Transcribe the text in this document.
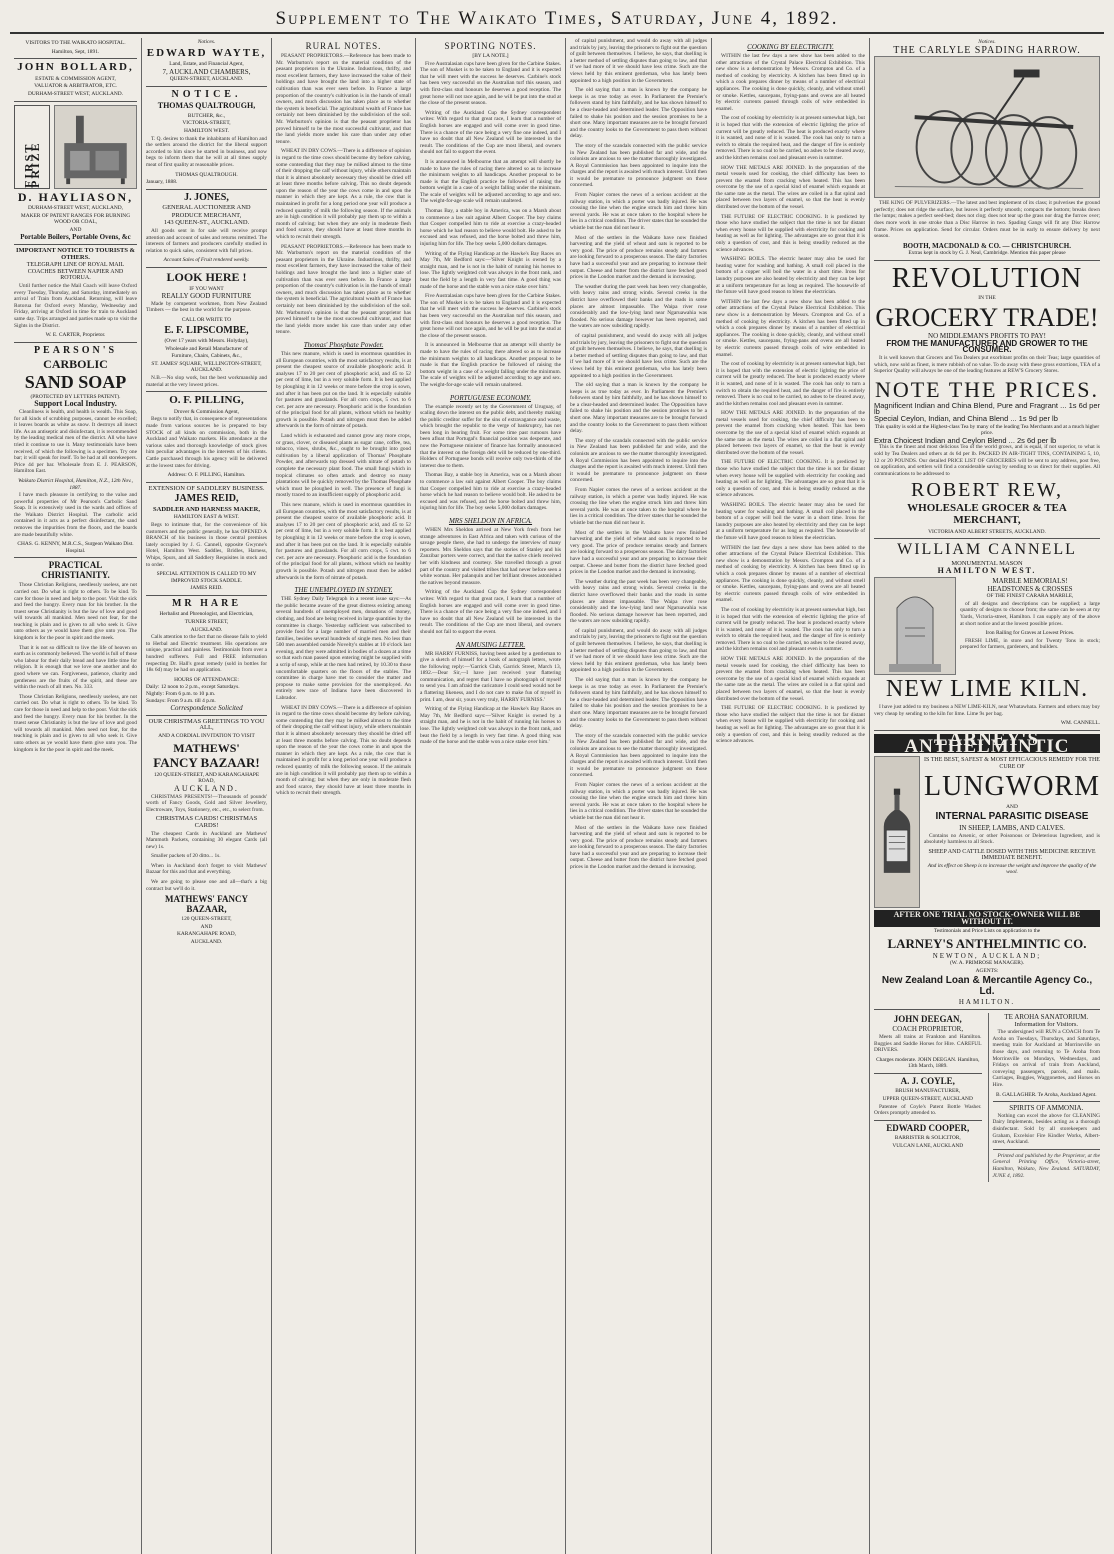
Supplement to The Waikato Times, Saturday, June 4, 1892.
VISITORS TO THE WAIKATO HOSPITAL.
Hamilton, Sept, 1891.
JOHN BOLLARD,
ESTATE & COMMISSION AGENT,
VALUATOR & ARBITRATOR, ETC.
DURHAM-STREET WEST, AUCKLAND.
FIRST PRIZE
D. HAYLIASON,
DURHAM-STREET WEST, AUCKLAND,
MAKER OF PATENT RANGES FOR BURNING WOOD OR COAL,
AND
Portable Boilers, Portable Ovens, &c
IMPORTANT NOTICE TO TOURISTS & OTHERS.
TELEGRAPH LINE OF ROYAL MAIL COACHES BETWEEN NAPIER AND ROTORUA.

Until further notice the Mail Coach will leave Oxford every Tuesday, Thursday, and Saturday, immediately on arrival of Train from Auckland. Returning, will leave Rotorua for Oxford every Monday, Wednesday and Friday, arriving at Oxford in time for train to Auckland same day. Trips arranged and parties made up to visit the Sights in the District.

W. E. CARTER, Proprietor.
PEARSON'S
CARBOLIC
SAND SOAP
(PROTECTED BY LETTERS PATENT).
Support Local Industry.

Cleanliness is health, and health is wealth. This Soap, for all kinds of scrubbing purposes, cannot be excelled; it leaves boards as white as snow. It destroys all insect life. As an antiseptic and disinfectant, it is recommended by the leading medical men of the district. All who have tried it continue to use it. Many testimonials have been received, of which the following is a specimen. Try one bar; it will speak for itself. To be had at all storekeepers. Price 4d per bar. Wholesale from E. J. PEARSON, Hamilton East.

Waikato District Hospital, Hamilton, N.Z., 12th Nov., 1887.

I have much pleasure in certifying to the value and powerful properties of Mr Pearson's Carbolic Sand Soap. It is extensively used in the wards and offices of the Waikato District Hospital. The carbolic acid contained in it acts as a perfect disinfectant, the sand removes the impurities from the floors, and the boards are made beautifully white.

CHAS. G. KENNY, M.R.C.S., Surgeon Waikato Dist. Hospital.
PRACTICAL CHRISTIANITY.

Those Christian Religions, needlessly useless, are not carried out. Do what is right to others. To be kind. To care for those in need and help to the poor. Visit the sick and feed the hungry. Every man for his brother. In the truest sense Christianity is but the law of love and good will towards all mankind. Men need not fear, for the teaching is plain and is given to all who seek it. Give unto others as ye would have them give unto you. The kingdom is for the poor in spirit and the meek.

That it is not so difficult to live the life of heaven on earth as is commonly believed. The world is full of those who labour for their daily bread and have little time for religion. It is enough that we love one another and do good where we can. Forgiveness, patience, charity and gentleness are the fruits of the spirit, and these are within the reach of all men. No. 333.

Those Christian Religions, needlessly useless, are not carried out. Do what is right to others. To be kind. To care for those in need and help to the poor. Visit the sick and feed the hungry. Every man for his brother. In the truest sense Christianity is but the law of love and good will towards all mankind. Men need not fear, for the teaching is plain and is given to all who seek it. Give unto others as ye would have them give unto you. The kingdom is for the poor in spirit and the meek.

Notices.
EDWARD WAYTE,
Land, Estate, and Financial Agent,
7, AUCKLAND CHAMBERS,
QUEEN-STREET, AUCKLAND.
NOTICE.
THOMAS QUALTROUGH,
BUTCHER, &c.,
VICTORIA-STREET,
HAMILTON WEST.

T. Q. desires to thank the inhabitants of Hamilton and the settlers around the district for the liberal support accorded to him since he started in business, and now begs to inform them that he will at all times supply meat of first quality at reasonable prices.

THOMAS QUALTROUGH.
January, 1888.
J. JONES,
GENERAL AUCTIONEER AND
PRODUCE MERCHANT,
143 QUEEN-ST., AUCKLAND.

All goods sent in for sale will receive prompt attention and account of sales and returns remitted. The interests of farmers and producers carefully studied in relation to quick sales, consistent with full prices.

Account Sales of Fruit rendered weekly.
LOOK HERE !
IF YOU WANT
REALLY GOOD FURNITURE

Made by competent workmen, from New Zealand Timbers — the best in the world for the purpose.

CALL OR WRITE TO
E. F. LIPSCOMBE,
(Over 17 years with Messrs. Holyday),
Wholesale and Retail Manufacturer of
Furniture, Chairs, Cabinets, &c.,
ST. JAMES' SQUARE, WELLINGTON-STREET, AUCKLAND.

N.B.—No slop work, but the best workmanship and material at the very lowest prices.

O. F. PILLING,
Drover & Commission Agent,

Begs to notify that, in consequence of representations made from various sources he is prepared to buy STOCK of all kinds on commission, both in the Auckland and Waikato markets. His attendance at the various sales and thorough knowledge of stock gives him peculiar advantages in the interests of his clients. Cattle purchased through his agency will be delivered at the lowest rates for driving.

Address: O. F. PILLING, Hamilton.
EXTENSION OF SADDLERY BUSINESS.
JAMES REID,
SADDLER AND HARNESS MAKER,
HAMILTON EAST & WEST.

Begs to intimate that, for the convenience of his customers and the public generally, he has OPENED A BRANCH of his business in those central premises lately occupied by J. G. Cannell, opposite Gwynne's Hotel, Hamilton West. Saddles, Bridles, Harness, Whips, Spurs, and all Saddlery Requisites in stock and to order.

SPECIAL ATTENTION IS CALLED TO MY IMPROVED STOCK SADDLE.
JAMES REID.
MR HARE
Herbalist and Phrenologist, and Electrician,
TURNER STREET,
AUCKLAND.

Calls attention to the fact that no disease fails to yield to Herbal and Electric treatment. His operations are unique, practical and painless. Testimonials from over a hundred sufferers. Full and FREE information respecting Dr. Hall's great remedy (sold in bottles for 18s 6d) may be had on application.

HOURS OF ATTENDANCE:
Daily: 12 noon to 2 p.m., except Saturdays.
Nightly: From 6 p.m. to 10 p.m.
Sundays: From 9 a.m. till 4 p.m.
Correspondence Solicited
OUR CHRISTMAS GREETINGS TO YOU ALL,
AND A CORDIAL INVITATION TO VISIT
MATHEWS'
FANCY BAZAAR!
120 QUEEN-STREET, AND KARANGAHAPE ROAD,
AUCKLAND.

CHRISTMAS PRESENTS!—Thousands of pounds' worth of Fancy Goods, Gold and Silver Jewellery, Electroware, Toys, Stationery, etc., etc., to select from.

CHRISTMAS CARDS! CHRISTMAS CARDS!

The cheapest Cards in Auckland are Mathews' Mammoth Packets, containing 30 elegant Cards (all new) 1s.

Smaller packets of 20 ditto... 1s.

When in Auckland don't forget to visit Mathews' Bazaar for this and that and everything.

We are going to please one and all—that's a big contract but we'll do it.

MATHEWS' FANCY BAZAAR,
120 QUEEN-STREET,
AND
KARANGAHAPE ROAD,
AUCKLAND.
RURAL NOTES.

PEASANT PROPRIETORS.—Reference has been made to Mr. Warburton's report on the material condition of the peasant proprietors in the Ukraine. Industrious, thrifty, and most excellent farmers, they have increased the value of their holdings and have brought the land into a higher state of cultivation than was ever seen before. In France a large proportion of the country's cultivation is in the hands of small owners, and much discussion has taken place as to whether the system is beneficial. The agricultural wealth of France has certainly not been diminished by the subdivision of the soil. Mr. Warburton's opinion is that the peasant proprietor has proved himself to be the most successful cultivator, and that the land yields more under his care than under any other tenure.

WHEAT IN DRY COWS.—There is a difference of opinion in regard to the time cows should become dry before calving, some contending that they may be milked almost to the time of their dropping the calf without injury, while others maintain that it is almost absolutely necessary they should be dried off at least three months before calving. This no doubt depends upon the reason of the year the cows come in and upon the manner in which they are kept. As a rule, the cow that is maintained in profit for a long period one year will produce a reduced quantity of milk the following season. If the animals are in high condition it will probably pay them up to within a month of calving; but when they are only in moderate flesh and food scarce, they should have at least three months in which to recruit their strength.

PEASANT PROPRIETORS.—Reference has been made to Mr. Warburton's report on the material condition of the peasant proprietors in the Ukraine. Industrious, thrifty, and most excellent farmers, they have increased the value of their holdings and have brought the land into a higher state of cultivation than was ever seen before. In France a large proportion of the country's cultivation is in the hands of small owners, and much discussion has taken place as to whether the system is beneficial. The agricultural wealth of France has certainly not been diminished by the subdivision of the soil. Mr. Warburton's opinion is that the peasant proprietor has proved himself to be the most successful cultivator, and that the land yields more under his care than under any other tenure.

Thomas' Phosphate Powder.

This new manure, which is used in enormous quantities in all European countries, with the most satisfactory results, is at present the cheapest source of available phosphoric acid. It analyses 17 to 20 per cent of phosphoric acid, and 45 to 52 per cent of lime, but in a very soluble form. It is best applied by ploughing it in 12 weeks or more before the crop is sown, and after it has been put on the land. It is especially suitable for pastures and grasslands. For all corn crops, 5 cwt. to 6 cwt. per acre are necessary. Phosphoric acid is the foundation of the principal food for all plants, without which no healthy growth is possible. Potash and nitrogen must then be added afterwards in the form of nitrate of potash.

Land which is exhausted and cannot grow any more crops, or grass, clover, or diseased plants as sugar cane, coffee, tea, tobacco, vines, shrubs, &c., ought to be brought into good cultivation by a liberal application of Thomas' Phosphate Powder, and afterwards top dressed with nitrate of potash to complete the necessary plant food. The small fungi which in tropical climates so often attack and destroy so many plantations will be quickly removed by the Thomas Phosphate which must be ploughed in well. The presence of fungi is mostly traced to an insufficient supply of phosphoric acid.

This new manure, which is used in enormous quantities in all European countries, with the most satisfactory results, is at present the cheapest source of available phosphoric acid. It analyses 17 to 20 per cent of phosphoric acid, and 45 to 52 per cent of lime, but in a very soluble form. It is best applied by ploughing it in 12 weeks or more before the crop is sown, and after it has been put on the land. It is especially suitable for pastures and grasslands. For all corn crops, 5 cwt. to 6 cwt. per acre are necessary. Phosphoric acid is the foundation of the principal food for all plants, without which no healthy growth is possible. Potash and nitrogen must then be added afterwards in the form of nitrate of potash.

THE UNEMPLOYED IN SYDNEY.

THE Sydney Daily Telegraph in a recent issue says:—As the public became aware of the great distress existing among several hundreds of unemployed men, donations of money, clothing, and food are being received in large quantities by the committee in charge. Yesterday sufficient was subscribed to provide food for a large number of married men and their families, besides several hundreds of single men. No less than 500 men assembled outside Novelty's stables at 10 o'clock last evening, and they were admitted in bodies of a dozen at a time so that each man passed upon entering might be supplied with a scrip of soup, while at the men had retired, by 10.30 to those uncomfortable quarters on the floors of the stables. The committee in charge have met to consider the matter and propose to make some provision for the unemployed. An entirely new race of Indians have been discovered in Labrador.

WHEAT IN DRY COWS.—There is a difference of opinion in regard to the time cows should become dry before calving, some contending that they may be milked almost to the time of their dropping the calf without injury, while others maintain that it is almost absolutely necessary they should be dried off at least three months before calving. This no doubt depends upon the reason of the year the cows come in and upon the manner in which they are kept. As a rule, the cow that is maintained in profit for a long period one year will produce a reduced quantity of milk the following season. If the animals are in high condition it will probably pay them up to within a month of calving; but when they are only in moderate flesh and food scarce, they should have at least three months in which to recruit their strength.

SPORTING NOTES.
[BY LA NOTE.]

Five Australasian cups have been given for the Carbine Stakes. The son of Musket is to be taken to England and it is expected that he will meet with the success he deserves. Carbine's stock has been very successful on the Australian turf this season, and with first-class stud honours he deserves a good reception. The great horse will not race again, and he will be put into the stud at the close of the present season.

Writing of the Auckland Cup the Sydney correspondent writes: With regard to that great race, I learn that a number of English horses are engaged and will come over in good time. There is a chance of the race being a very fine one indeed, and I have no doubt that all New Zealand will be interested in the result. The conditions of the Cup are most liberal, and owners should not fail to support the event.

It is announced in Melbourne that an attempt will shortly be made to have the rules of racing there altered so as to increase the minimum weights to all handicaps. Another proposal to be made is that the English practice be followed of raising the bottom weight in a case of a weight falling under the minimum. The scale of weights will be adjusted according to age and sex. The weight-for-age scale will remain unaltered.

Thomas Bay, a stable boy in America, was on a Marsh about to commence a law suit against Albert Cooper. The boy claims that Cooper compelled him to ride at exercise a crazy-headed horse which he had reason to believe would bolt. He asked to be excused and was refused, and the horse bolted and threw him, injuring him for life. The boy seeks 5,000 dollars damages.

Writing of the Flying Handicap at the Hawke's Bay Races on May 7th, Mr Bedford says:—'Silver Knight is owned by a straight man, and he is not in the habit of running his horses to lose. The lightly weighted colt was always in the front rank, and beat the field by a length in very fast time. A good thing was made of the horse and the stable won a nice stake over him.'

Five Australasian cups have been given for the Carbine Stakes. The son of Musket is to be taken to England and it is expected that he will meet with the success he deserves. Carbine's stock has been very successful on the Australian turf this season, and with first-class stud honours he deserves a good reception. The great horse will not race again, and he will be put into the stud at the close of the present season.

It is announced in Melbourne that an attempt will shortly be made to have the rules of racing there altered so as to increase the minimum weights to all handicaps. Another proposal to be made is that the English practice be followed of raising the bottom weight in a case of a weight falling under the minimum. The scale of weights will be adjusted according to age and sex. The weight-for-age scale will remain unaltered.

PORTUGUESE ECONOMY.

The example recently set by the Government of Uruguay, of scaling down the interest on the public debt, and thereby making the public creditor suffer for the sins of extravagance and waste, which brought the republic to the verge of bankruptcy, has not been long in bearing fruit. For some time past rumours have been afloat that Portugal's financial position was desperate, and now the Portuguese minister of finance has formally announced that the interest on the foreign debt will be reduced by one-third. Holders of Portuguese bonds will receive only two-thirds of the interest due to them.

Thomas Bay, a stable boy in America, was on a Marsh about to commence a law suit against Albert Cooper. The boy claims that Cooper compelled him to ride at exercise a crazy-headed horse which he had reason to believe would bolt. He asked to be excused and was refused, and the horse bolted and threw him, injuring him for life. The boy seeks 5,000 dollars damages.

MRS SHELDON IN AFRICA.

WHEN Mrs Sheldon arrived at New York fresh from her strange adventures in East Africa and taken with curious of the savage people there, she had to undergo the interview of many reporters. Mrs Sheldon says that the stories of Stanley and his Zanzibar porters were correct, and that the native chiefs received her with kindness and courtesy. She travelled through a great part of the country and visited tribes that had never before seen a white woman. Her palanquin and her brilliant dresses astonished the natives beyond measure.

Writing of the Auckland Cup the Sydney correspondent writes: With regard to that great race, I learn that a number of English horses are engaged and will come over in good time. There is a chance of the race being a very fine one indeed, and I have no doubt that all New Zealand will be interested in the result. The conditions of the Cup are most liberal, and owners should not fail to support the event.

AN AMUSING LETTER.

MR HARRY FURNISS, having been asked by a gentleman to give a sketch of himself for a book of autograph letters, wrote the following reply:—'Garrick Club, Garrick Street, March 13, 1892.—Dear Sir,—I have just received your flattering communication, and regret that I have no photograph of myself to send you. I am afraid the caricature I could send would not be a flattering likeness, and I do not care to make fun of myself in print. I am, dear sir, yours very truly, HARRY FURNISS.'

Writing of the Flying Handicap at the Hawke's Bay Races on May 7th, Mr Bedford says:—'Silver Knight is owned by a straight man, and he is not in the habit of running his horses to lose. The lightly weighted colt was always in the front rank, and beat the field by a length in very fast time. A good thing was made of the horse and the stable won a nice stake over him.'

of capital punishment, and would do away with all judges and trials by jury, leaving the prisoners to fight out the question of guilt between themselves. I believe, he says, that duelling is a better method of settling disputes than going to law, and that if we had more of it we should have less crime. Such are the views held by this eminent gentleman, who has lately been appointed to a high position in the Government.

The old saying that a man is known by the company he keeps is as true today as ever. In Parliament the Premier's followers stand by him faithfully, and he has shown himself to be a clear-headed and determined leader. The Opposition have failed to shake his position and the session promises to be a short one. Many important measures are to be brought forward and the country looks to the Government to pass them without delay.

The story of the scandals connected with the public service in New Zealand has been published far and wide, and the colonists are anxious to see the matter thoroughly investigated. A Royal Commission has been appointed to inquire into the charges and the report is awaited with much interest. Until then it would be premature to pronounce judgment on those concerned.

From Napier comes the news of a serious accident at the railway station, in which a porter was badly injured. He was crossing the line when the engine struck him and threw him several yards. He was at once taken to the hospital where he lies in a critical condition. The driver states that he sounded the whistle but the man did not hear it.

Most of the settlers in the Waikato have now finished harvesting and the yield of wheat and oats is reported to be very good. The price of produce remains steady and farmers are looking forward to a prosperous season. The dairy factories have had a successful year and are preparing to increase their output. Cheese and butter from the district have fetched good prices in the London market and the demand is increasing.

The weather during the past week has been very changeable, with heavy rains and strong winds. Several creeks in the district have overflowed their banks and the roads in some places are almost impassable. The Waipa river rose considerably and the low-lying land near Ngaruawahia was flooded. No serious damage however has been reported, and the waters are now subsiding rapidly.

of capital punishment, and would do away with all judges and trials by jury, leaving the prisoners to fight out the question of guilt between themselves. I believe, he says, that duelling is a better method of settling disputes than going to law, and that if we had more of it we should have less crime. Such are the views held by this eminent gentleman, who has lately been appointed to a high position in the Government.

The old saying that a man is known by the company he keeps is as true today as ever. In Parliament the Premier's followers stand by him faithfully, and he has shown himself to be a clear-headed and determined leader. The Opposition have failed to shake his position and the session promises to be a short one. Many important measures are to be brought forward and the country looks to the Government to pass them without delay.

The story of the scandals connected with the public service in New Zealand has been published far and wide, and the colonists are anxious to see the matter thoroughly investigated. A Royal Commission has been appointed to inquire into the charges and the report is awaited with much interest. Until then it would be premature to pronounce judgment on those concerned.

From Napier comes the news of a serious accident at the railway station, in which a porter was badly injured. He was crossing the line when the engine struck him and threw him several yards. He was at once taken to the hospital where he lies in a critical condition. The driver states that he sounded the whistle but the man did not hear it.

Most of the settlers in the Waikato have now finished harvesting and the yield of wheat and oats is reported to be very good. The price of produce remains steady and farmers are looking forward to a prosperous season. The dairy factories have had a successful year and are preparing to increase their output. Cheese and butter from the district have fetched good prices in the London market and the demand is increasing.

The weather during the past week has been very changeable, with heavy rains and strong winds. Several creeks in the district have overflowed their banks and the roads in some places are almost impassable. The Waipa river rose considerably and the low-lying land near Ngaruawahia was flooded. No serious damage however has been reported, and the waters are now subsiding rapidly.

of capital punishment, and would do away with all judges and trials by jury, leaving the prisoners to fight out the question of guilt between themselves. I believe, he says, that duelling is a better method of settling disputes than going to law, and that if we had more of it we should have less crime. Such are the views held by this eminent gentleman, who has lately been appointed to a high position in the Government.

The old saying that a man is known by the company he keeps is as true today as ever. In Parliament the Premier's followers stand by him faithfully, and he has shown himself to be a clear-headed and determined leader. The Opposition have failed to shake his position and the session promises to be a short one. Many important measures are to be brought forward and the country looks to the Government to pass them without delay.

The story of the scandals connected with the public service in New Zealand has been published far and wide, and the colonists are anxious to see the matter thoroughly investigated. A Royal Commission has been appointed to inquire into the charges and the report is awaited with much interest. Until then it would be premature to pronounce judgment on those concerned.

From Napier comes the news of a serious accident at the railway station, in which a porter was badly injured. He was crossing the line when the engine struck him and threw him several yards. He was at once taken to the hospital where he lies in a critical condition. The driver states that he sounded the whistle but the man did not hear it.

Most of the settlers in the Waikato have now finished harvesting and the yield of wheat and oats is reported to be very good. The price of produce remains steady and farmers are looking forward to a prosperous season. The dairy factories have had a successful year and are preparing to increase their output. Cheese and butter from the district have fetched good prices in the London market and the demand is increasing.

COOKING BY ELECTRICITY.

WITHIN the last few days a new show has been added to the other attractions of the Crystal Palace Electrical Exhibition. This new show is a demonstration by Messrs. Crompton and Co. of a method of cooking by electricity. A kitchen has been fitted up in which a cook prepares dinner by means of a number of electrical appliances. The cooking is done quickly, cleanly, and without smell or smoke. Kettles, saucepans, frying-pans and ovens are all heated by electric currents passed through coils of wire embedded in enamel.

The cost of cooking by electricity is at present somewhat high, but it is hoped that with the extension of electric lighting the price of current will be greatly reduced. The heat is produced exactly where it is wanted, and none of it is wasted. The cook has only to turn a switch to obtain the required heat, and the danger of fire is entirely removed. There is no coal to be carried, no ashes to be cleared away, and the kitchen remains cool and pleasant even in summer.

HOW THE METALS ARE JOINED. In the preparation of the metal vessels used for cooking, the chief difficulty has been to prevent the enamel from cracking when heated. This has been overcome by the use of a special kind of enamel which expands at the same rate as the metal. The wires are coiled in a flat spiral and placed between two layers of enamel, so that the heat is evenly distributed over the bottom of the vessel.

THE FUTURE OF ELECTRIC COOKING. It is predicted by those who have studied the subject that the time is not far distant when every house will be supplied with electricity for cooking and heating as well as for lighting. The advantages are so great that it is only a question of cost, and this is being steadily reduced as the science advances.

WASHING BOILS. The electric heater may also be used for heating water for washing and bathing. A small coil placed in the bottom of a copper will boil the water in a short time. Irons for laundry purposes are also heated by electricity and they can be kept at a uniform temperature for as long as required. The housewife of the future will have good reason to bless the electrician.

WITHIN the last few days a new show has been added to the other attractions of the Crystal Palace Electrical Exhibition. This new show is a demonstration by Messrs. Crompton and Co. of a method of cooking by electricity. A kitchen has been fitted up in which a cook prepares dinner by means of a number of electrical appliances. The cooking is done quickly, cleanly, and without smell or smoke. Kettles, saucepans, frying-pans and ovens are all heated by electric currents passed through coils of wire embedded in enamel.

The cost of cooking by electricity is at present somewhat high, but it is hoped that with the extension of electric lighting the price of current will be greatly reduced. The heat is produced exactly where it is wanted, and none of it is wasted. The cook has only to turn a switch to obtain the required heat, and the danger of fire is entirely removed. There is no coal to be carried, no ashes to be cleared away, and the kitchen remains cool and pleasant even in summer.

HOW THE METALS ARE JOINED. In the preparation of the metal vessels used for cooking, the chief difficulty has been to prevent the enamel from cracking when heated. This has been overcome by the use of a special kind of enamel which expands at the same rate as the metal. The wires are coiled in a flat spiral and placed between two layers of enamel, so that the heat is evenly distributed over the bottom of the vessel.

THE FUTURE OF ELECTRIC COOKING. It is predicted by those who have studied the subject that the time is not far distant when every house will be supplied with electricity for cooking and heating as well as for lighting. The advantages are so great that it is only a question of cost, and this is being steadily reduced as the science advances.

WASHING BOILS. The electric heater may also be used for heating water for washing and bathing. A small coil placed in the bottom of a copper will boil the water in a short time. Irons for laundry purposes are also heated by electricity and they can be kept at a uniform temperature for as long as required. The housewife of the future will have good reason to bless the electrician.

WITHIN the last few days a new show has been added to the other attractions of the Crystal Palace Electrical Exhibition. This new show is a demonstration by Messrs. Crompton and Co. of a method of cooking by electricity. A kitchen has been fitted up in which a cook prepares dinner by means of a number of electrical appliances. The cooking is done quickly, cleanly, and without smell or smoke. Kettles, saucepans, frying-pans and ovens are all heated by electric currents passed through coils of wire embedded in enamel.

The cost of cooking by electricity is at present somewhat high, but it is hoped that with the extension of electric lighting the price of current will be greatly reduced. The heat is produced exactly where it is wanted, and none of it is wasted. The cook has only to turn a switch to obtain the required heat, and the danger of fire is entirely removed. There is no coal to be carried, no ashes to be cleared away, and the kitchen remains cool and pleasant even in summer.

HOW THE METALS ARE JOINED. In the preparation of the metal vessels used for cooking, the chief difficulty has been to prevent the enamel from cracking when heated. This has been overcome by the use of a special kind of enamel which expands at the same rate as the metal. The wires are coiled in a flat spiral and placed between two layers of enamel, so that the heat is evenly distributed over the bottom of the vessel.

THE FUTURE OF ELECTRIC COOKING. It is predicted by those who have studied the subject that the time is not far distant when every house will be supplied with electricity for cooking and heating as well as for lighting. The advantages are so great that it is only a question of cost, and this is being steadily reduced as the science advances.

Notices.
THE CARLYLE SPADING HARROW.

THE KING OF PULVERIZERS.—The latest and best implement of its class; it pulverises the ground perfectly; does not ridge the surface, but leaves it perfectly smooth; compacts the bottom; breaks down the lumps; makes a perfect seed-bed; does not clog; does not tear up the grass nor drag the furrow over; does more work in one stroke than a Disc Harrow in two. Spading Gangs will fit any Disc Harrow frame. Prices on application. Send for circular. Orders must be in early to ensure delivery by next season.

BOOTH, MACDONALD & CO. — CHRISTCHURCH.
Extras kept in stock by G. J. Neal, Cambridge. Mention this paper please
REVOLUTION
IN THE
GROCERY TRADE!
NO MIDDLEMAN'S PROFITS TO PAY!
FROM THE MANUFACTURER AND GROWER TO THE CONSUMER.

It is well known that Grocers and Tea Dealers put exorbitant profits on their Teas; large quantities of which, now sold as finest, is mere rubbish of no value. To do away with these gross extortions, TEA of a Superior Quality will always be one of the leading features at REW'S Grocery Stores.

NOTE THE PRICES.
Magnificent Indian and China Blend, Pure and Fragrant ... 1s 6d per lb
Special Ceylon, Indian, and China Blend ... 1s 9d per lb
This quality is sold at the Highest-class Tea by many of the leading Tea Merchants and at a much higher price.
Extra Choicest Indian and Ceylon Blend ... 2s 6d per lb

This is the finest and most delicious Tea of the world grows, and is equal, if not superior, to what is sold by Tea Dealers and others at 4s 6d per lb. PACKED IN AIR-TIGHT TINS, CONTAINING 5, 10, 12 or 20 POUNDS. Our detailed PRICE LIST OF GROCERIES will be sent to any address, post free, on application, and settlers will find a considerable saving by sending to us direct for their supplies. All communications to be addressed to

ROBERT REW,
WHOLESALE GROCER & TEA MERCHANT,
VICTORIA AND ALBERT STREETS, AUCKLAND.
WILLIAM CANNELL
MONUMENTAL MASON
HAMILTON WEST.
MARBLE MEMORIALS!
HEADSTONES & CROSSES
OF THE FINEST CARARA MARBLE,

of all designs and descriptions can be supplied; a large quantity of designs to choose from; the same can be seen at my Yards, Victoria-street, Hamilton. I can supply any of the above at short notice and at the lowest possible prices.

Iron Railing for Graves at Lowest Prices.

FRESH LIME, in store and for Twenty Tons in stock; prepared for farmers, gardeners, and builders.

NEW LIME KILN.

I have just added to my business a NEW LIME-KILN, near Whatawhata. Farmers and others may buy very cheap by sending to the kiln for lime. Lime 9s per bag.

WM. CANNELL.
LARNEY'S ANTHELMINTIC
IS THE BEST, SAFEST & MOST EFFICACIOUS REMEDY FOR THE CURE OF
LUNGWORM
AND
INTERNAL PARASITIC DISEASE
IN SHEEP, LAMBS, AND CALVES.

Contains no Arsenic, or other Poisonous or Deleterious Ingredient, and is absolutely harmless to all Stock.

SHEEP AND CATTLE DOSED WITH THIS MEDICINE RECEIVE IMMEDIATE BENEFIT.
And its effect on Sheep is to increase the weight and improve the quality of the wool.
AFTER ONE TRIAL NO STOCK-OWNER WILL BE WITHOUT IT.
Testimonials and Price Lists on application to the
LARNEY'S ANTHELMINTIC CO.
NEWTON, AUCKLAND;
(W. A. PRIMROSE MANAGER).
AGENTS:
New Zealand Loan & Mercantile Agency Co., Ld.
HAMILTON.
JOHN DEEGAN,
COACH PROPRIETOR,

Meets all trains at Frankton and Hamilton. Buggies and Saddle Horses for Hire. CAREFUL DRIVERS.

Charges moderate. JOHN DEEGAN. Hamilton, 13th March, 1889.
A. J. COYLE,
BRUSH MANUFACTURER,
UPPER QUEEN-STREET, AUCKLAND

Patentee of Coyle's Patent Bottle Washer. Orders promptly attended to.

EDWARD COOPER,
BARRISTER & SOLICITOR,
VULCAN LANE, AUCKLAND
TE AROHA SANATORIUM.
Information for Visitors.

The undersigned will RUN a COACH from Te Aroha on Tuesdays, Thursdays, and Saturdays, meeting train for Auckland at Morrinsville on those days, and returning to Te Aroha from Morrinsville on Mondays, Wednesdays, and Fridays on arrival of train from Auckland, conveying passengers, parcels, and mails. Carriages, Buggies, Waggonettes, and Horses on Hire.

B. GALLAGHER. Te Aroha, Auckland Agent.
SPIRITS OF AMMONIA.

Nothing can excel the above for CLEANING Dairy Implements, besides acting as a thorough disinfectant. Sold by all storekeepers and Graham, Excelsior Fire Kindler Works, Albert-street, Auckland.

Printed and published by the Proprietor, at the General Printing Office, Victoria-street, Hamilton, Waikato, New Zealand. SATURDAY, JUNE 4, 1892.
